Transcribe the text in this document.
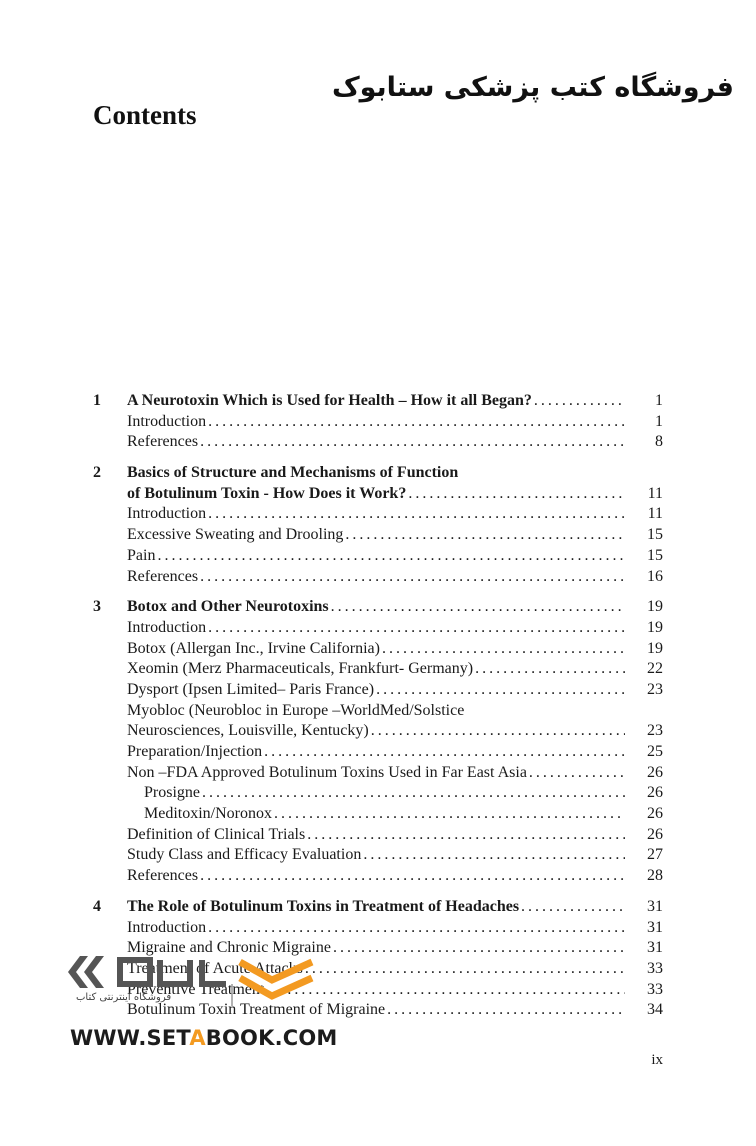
فروشگاه کتب پزشکی ستابوک
Contents
1	A Neurotoxin Which is Used for Health – How it all Began? . . .	1
Introduction . . .	1
References . . .	8
2	Basics of Structure and Mechanisms of Function
of Botulinum Toxin - How Does it Work? . . .	11
Introduction . . .	11
Excessive Sweating and Drooling . . .	15
Pain . . .	15
References . . .	16
3	Botox and Other Neurotoxins . . .	19
Introduction . . .	19
Botox (Allergan Inc., Irvine California) . . .	19
Xeomin (Merz Pharmaceuticals, Frankfurt- Germany) . . .	22
Dysport (Ipsen Limited– Paris France) . . .	23
Myobloc (Neurobloc in Europe –WorldMed/Solstice
Neurosciences, Louisville, Kentucky) . . .	23
Preparation/Injection . . .	25
Non –FDA Approved Botulinum Toxins Used in Far East Asia . . .	26
Prosigne . . .	26
Meditoxin/Noronox . . .	26
Definition of Clinical Trials . . .	26
Study Class and Efficacy Evaluation . . .	27
References . . .	28
4	The Role of Botulinum Toxins in Treatment of Headaches . . .	31
Introduction . . .	31
Migraine and Chronic Migraine . . .	31
Treatment of Acute Attacks . . .	33
Preventive Treatment . . .	33
Botulinum Toxin Treatment of Migraine . . .	34
ix
فروشگاه اینترنتی کتاب
WWW.SETABOOK.COM
